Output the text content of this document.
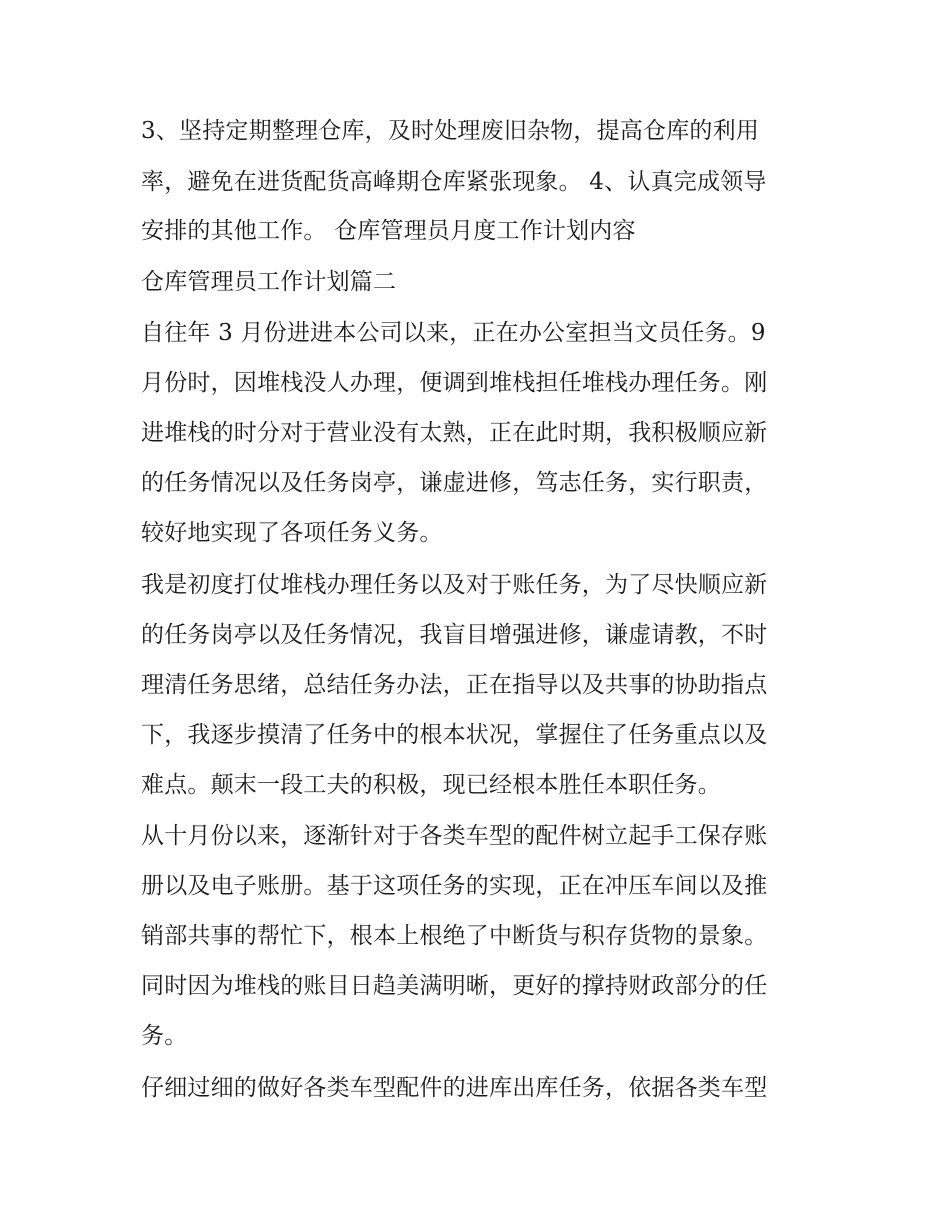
3、坚持定期整理仓库，及时处理废旧杂物，提高仓库的利用
率，避免在进货配货高峰期仓库紧张现象。 4、认真完成领导
安排的其他工作。 仓库管理员月度工作计划内容
仓库管理员工作计划篇二
自往年 3 月份进进本公司以来，正在办公室担当文员任务。9
月份时，因堆栈没人办理，便调到堆栈担任堆栈办理任务。刚
进堆栈的时分对于营业没有太熟，正在此时期，我积极顺应新
的任务情况以及任务岗亭，谦虚进修，笃志任务，实行职责，
较好地实现了各项任务义务。
我是初度打仗堆栈办理任务以及对于账任务，为了尽快顺应新
的任务岗亭以及任务情况，我盲目增强进修，谦虚请教，不时
理清任务思绪，总结任务办法，正在指导以及共事的协助指点
下，我逐步摸清了任务中的根本状况，掌握住了任务重点以及
难点。颠末一段工夫的积极，现已经根本胜任本职任务。
从十月份以来，逐渐针对于各类车型的配件树立起手工保存账
册以及电子账册。基于这项任务的实现，正在冲压车间以及推
销部共事的帮忙下，根本上根绝了中断货与积存货物的景象。
同时因为堆栈的账目日趋美满明晰，更好的撑持财政部分的任
务。
仔细过细的做好各类车型配件的进库出库任务，依据各类车型
